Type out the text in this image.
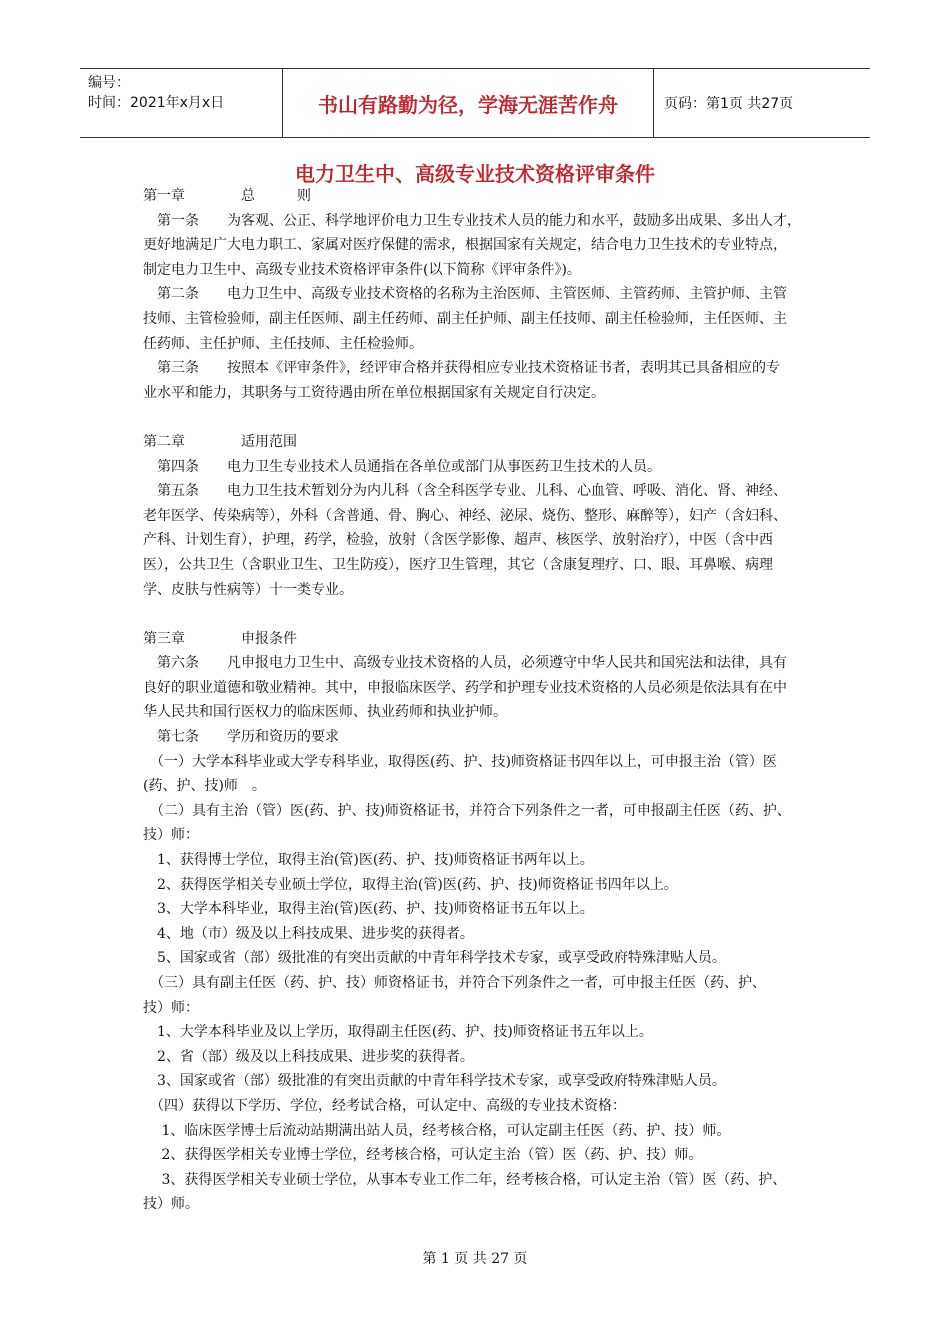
编号：
时间：2021年x月x日	书山有路勤为径，学海无涯苦作舟	页码：第1页 共27页
电力卫生中、高级专业技术资格评审条件
第一章　　　　总　　　则
　第一条　　为客观、公正、科学地评价电力卫生专业技术人员的能力和水平，鼓励多出成果、多出人才，
更好地满足广大电力职工、家属对医疗保健的需求，根据国家有关规定，结合电力卫生技术的专业特点，
制定电力卫生中、高级专业技术资格评审条件(以下简称《评审条件》)。
　第二条　　电力卫生中、高级专业技术资格的名称为主治医师、主管医师、主管药师、主管护师、主管
技师、主管检验师，副主任医师、副主任药师、副主任护师、副主任技师、副主任检验师，主任医师、主
任药师、主任护师、主任技师、主任检验师。
　第三条　　按照本《评审条件》，经评审合格并获得相应专业技术资格证书者，表明其已具备相应的专
业水平和能力，其职务与工资待遇由所在单位根据国家有关规定自行决定。
第二章　　　　适用范围
　第四条　　电力卫生专业技术人员通指在各单位或部门从事医药卫生技术的人员。
　第五条　　电力卫生技术暂划分为内儿科（含全科医学专业、儿科、心血管、呼吸、消化、肾、神经、
老年医学、传染病等），外科（含普通、骨、胸心、神经、泌尿、烧伤、整形、麻醉等），妇产（含妇科、
产科、计划生育），护理，药学，检验，放射（含医学影像、超声、核医学、放射治疗），中医（含中西
医），公共卫生（含职业卫生、卫生防疫），医疗卫生管理，其它（含康复理疗、口、眼、耳鼻喉、病理
学、皮肤与性病等）十一类专业。
第三章　　　　申报条件
　第六条　　凡申报电力卫生中、高级专业技术资格的人员，必须遵守中华人民共和国宪法和法律，具有
良好的职业道德和敬业精神。其中，申报临床医学、药学和护理专业技术资格的人员必须是依法具有在中
华人民共和国行医权力的临床医师、执业药师和执业护师。
　第七条　　学历和资历的要求
　（一）大学本科毕业或大学专科毕业，取得医(药、护、技)师资格证书四年以上，可申报主治（管）医
(药、护、技)师　。
　（二）具有主治（管）医(药、护、技)师资格证书，并符合下列条件之一者，可申报副主任医（药、护、
技）师：
　1、获得博士学位，取得主治(管)医(药、护、技)师资格证书两年以上。
　2、获得医学相关专业硕士学位，取得主治(管)医(药、护、技)师资格证书四年以上。
　3、大学本科毕业，取得主治(管)医(药、护、技)师资格证书五年以上。
　4、地（市）级及以上科技成果、进步奖的获得者。
　5、国家或省（部）级批准的有突出贡献的中青年科学技术专家，或享受政府特殊津贴人员。
　（三）具有副主任医（药、护、技）师资格证书，并符合下列条件之一者，可申报主任医（药、护、
技）师：
　1、大学本科毕业及以上学历，取得副主任医(药、护、技)师资格证书五年以上。
　2、省（部）级及以上科技成果、进步奖的获得者。
　3、国家或省（部）级批准的有突出贡献的中青年科学技术专家，或享受政府特殊津贴人员。
　（四）获得以下学历、学位，经考试合格，可认定中、高级的专业技术资格：
　 1、临床医学博士后流动站期满出站人员，经考核合格，可认定副主任医（药、护、技）师。
　 2、获得医学相关专业博士学位，经考核合格，可认定主治（管）医（药、护、技）师。
　 3、获得医学相关专业硕士学位，从事本专业工作二年，经考核合格，可认定主治（管）医（药、护、
技）师。
第 1 页 共 27 页
